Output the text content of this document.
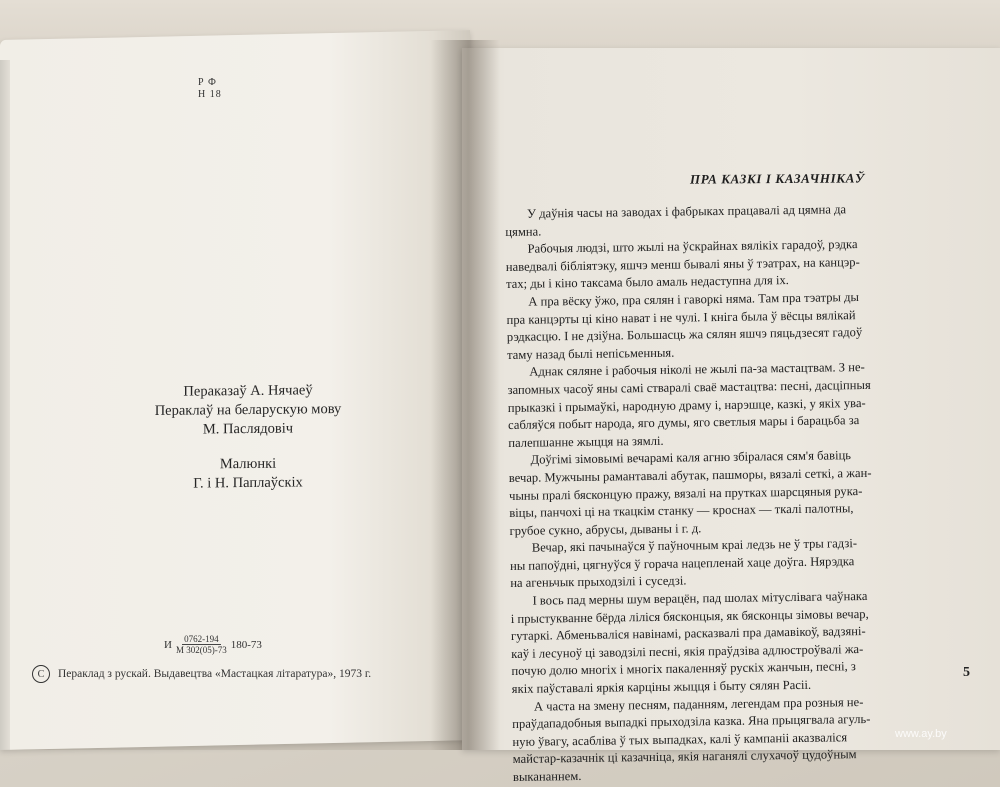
Р Ф
Н 18
Пераказаў А. Нячаеў
Пераклаў на беларускую мову
М. Паслядовіч
Малюнкі
Г. і Н. Паплаўскіх
И $\frac{0762-194}{М 302(05)-73} 180-73$
C	Пераклад з рускай. Выдавецтва «Мастацкая літаратура», 1973 г.
ПРА КАЗКІ І КАЗАЧНІКАЎ
У даўнія часы на заводах і фабрыках працавалі ад цямна да
цямна.
Рабочыя людзі, што жылі на ўскрайнах вялікіх гарадоў, рэдка
наведвалі бібліятэку, яшчэ менш бывалі яны ў тэатрах, на канцэр-
тах; ды і кіно таксама было амаль недаступна для іх.
А пра вёску ўжо, пра сялян і гаворкі няма. Там пра тэатры ды
пра канцэрты ці кіно нават і не чулі. І кніга была ў вёсцы вялікай
рэдкасцю. І не дзіўна. Большасць жа сялян яшчэ пяцьдзесят гадоў
таму назад былі непісьменныя.
Аднак сяляне і рабочыя ніколі не жылі па-за мастацтвам. З не-
запомных часоў яны самі стваралі сваё мастацтва: песні, дасціпныя
прыказкі і прымаўкі, народную драму і, нарэшце, казкі, у якіх ува-
сабляўся побыт народа, яго думы, яго светлыя мары і барацьба за
палепшанне жыцця на зямлі.
Доўгімі зімовымі вечарамі каля агню збіралася сям'я бавіць
вечар. Мужчыны рамантавалі абутак, пашморы, вязалі сеткі, а жан-
чыны пралі бясконцую пражу, вязалі на прутках шарсцяныя рука-
віцы, панчохі ці на ткацкім станку — кроснах — ткалі палотны,
грубое сукно, абрусы, дываны і г. д.
Вечар, які пачынаўся ў паўночным краі ледзь не ў тры гадзі-
ны папоўдні, цягнуўся ў горача нацепленай хаце доўга. Нярэдка
на агеньчык прыходзілі і суседзі.
І вось пад мерны шум верацён, пад шолах мітуслівага чаўнака
і прыстукванне бёрда ліліся бясконцыя, як бясконцы зімовы вечар,
гутаркі. Абменьваліся навінамі, расказвалі пра дамавікоў, вадзяні-
каў і лесуноў ці заводзілі песні, якія праўдзіва адлюстроўвалі жа-
почую долю многіх і многіх пакаленняў рускіх жанчын, песні, з
якіх паўставалі яркія карціны жыцця і быту сялян Расіі.
А часта на змену песням, паданням, легендам пра розныя не-
праўдападобныя выпадкі прыходзіла казка. Яна прыцягвала агуль-
ную ўвагу, асабліва ў тых выпадках, калі ў кампаніі аказваліся
майстар-казачнік ці казачніца, якія наганялі слухачоў цудоўным
выкананнем.
5
www.ay.by
